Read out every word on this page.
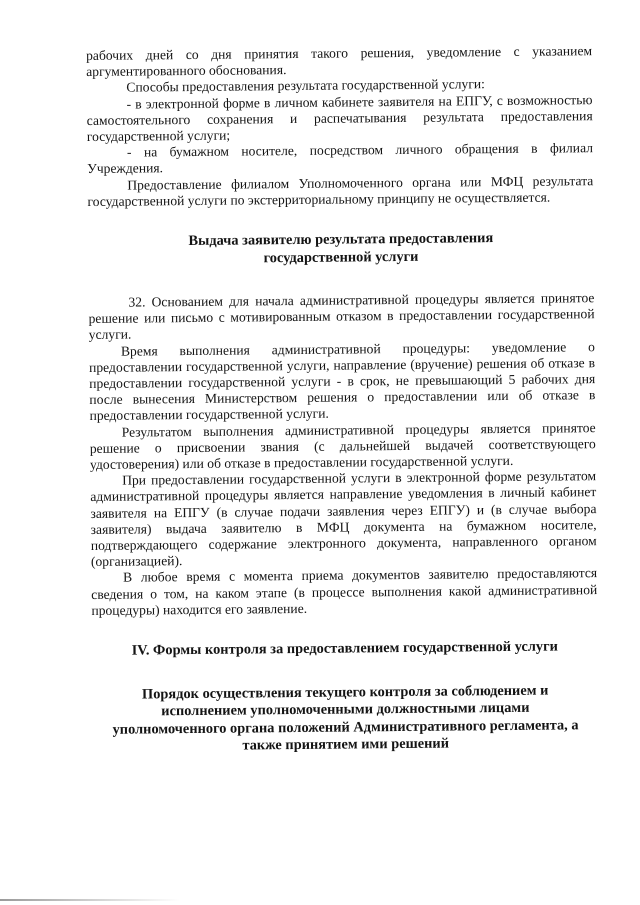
рабочих дней со дня принятия такого решения, уведомление с указанием аргументированного обоснования.

Способы предоставления результата государственной услуги:

- в электронной форме в личном кабинете заявителя на ЕПГУ, с возможностью самостоятельного сохранения и распечатывания результата предоставления государственной услуги;

- на бумажном носителе, посредством личного обращения в филиал Учреждения.

Предоставление филиалом Уполномоченного органа или МФЦ результата государственной услуги по экстерриториальному принципу не осуществляется.

Выдача заявителю результата предоставления
государственной услуги

32. Основанием для начала административной процедуры является принятое решение или письмо с мотивированным отказом в предоставлении государственной услуги.

Время выполнения административной процедуры: уведомление о предоставлении государственной услуги, направление (вручение) решения об отказе в предоставлении государственной услуги - в срок, не превышающий 5 рабочих дня после вынесения Министерством решения о предоставлении или об отказе в предоставлении государственной услуги.

Результатом выполнения административной процедуры является принятое решение о присвоении звания (с дальнейшей выдачей соответствующего удостоверения) или об отказе в предоставлении государственной услуги.

При предоставлении государственной услуги в электронной форме результатом административной процедуры является направление уведомления в личный кабинет заявителя на ЕПГУ (в случае подачи заявления через ЕПГУ) и (в случае выбора заявителя) выдача заявителю в МФЦ документа на бумажном носителе, подтверждающего содержание электронного документа, направленного органом (организацией).

В любое время с момента приема документов заявителю предоставляются сведения о том, на каком этапе (в процессе выполнения какой административной процедуры) находится его заявление.

IV. Формы контроля за предоставлением государственной услуги
Порядок осуществления текущего контроля за соблюдением и
исполнением уполномоченными должностными лицами
уполномоченного органа положений Административного регламента, а
также принятием ими решений
